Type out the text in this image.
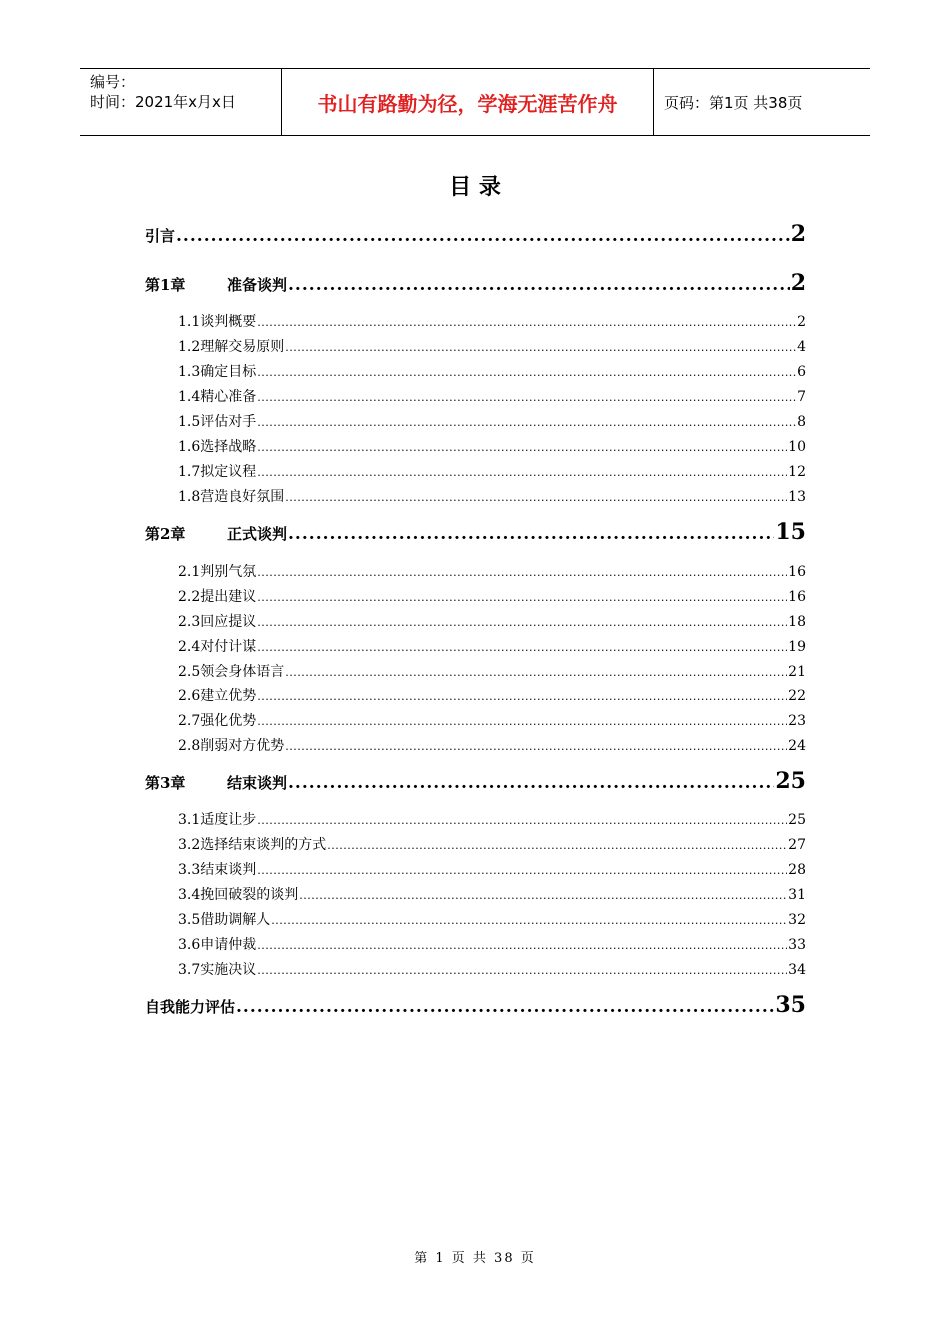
编号：
时间：2021年x月x日	书山有路勤为径，学海无涯苦作舟	页码：第1页 共38页
目 录
引言 .....	2
第1章	准备谈判 .....	2
1.1谈判概要 .....	2
1.2理解交易原则 .....	4
1.3确定目标 .....	6
1.4精心准备 .....	7
1.5评估对手 .....	8
1.6选择战略 .....	10
1.7拟定议程 .....	12
1.8营造良好氛围 .....	13
第2章	正式谈判 .....	15
2.1判别气氛 .....	16
2.2提出建议 .....	16
2.3回应提议 .....	18
2.4对付计谋 .....	19
2.5领会身体语言 .....	21
2.6建立优势 .....	22
2.7强化优势 .....	23
2.8削弱对方优势 .....	24
第3章	结束谈判 .....	25
3.1适度让步 .....	25
3.2选择结束谈判的方式 .....	27
3.3结束谈判 .....	28
3.4挽回破裂的谈判 .....	31
3.5借助调解人 .....	32
3.6申请仲裁 .....	33
3.7实施决议 .....	34
自我能力评估 .....	35
第 1 页 共 38 页
